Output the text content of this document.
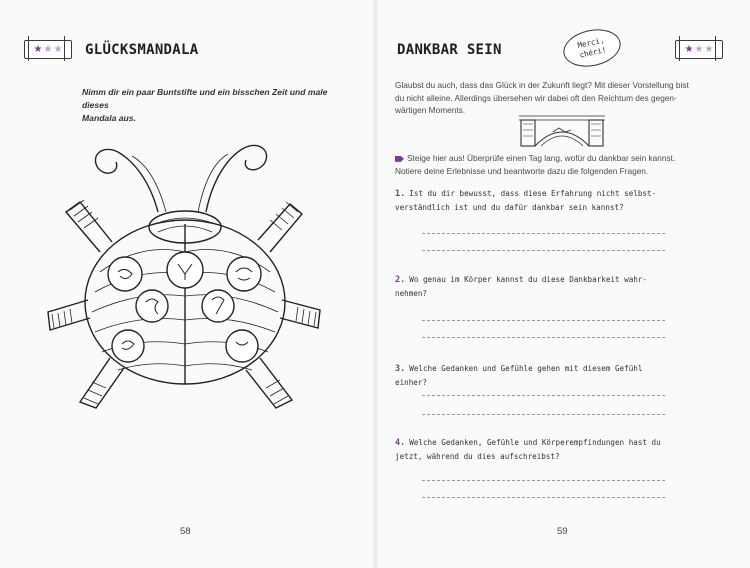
★ ★ ★ GLÜCKSMANDALA
Nimm dir ein paar Buntstifte und ein bisschen Zeit und male dieses
Mandala aus.
58
DANKBAR SEIN	Merci,
chéri!	★ ★ ★
Glaubst du auch, dass das Glück in der Zukunft liegt? Mit dieser Vorstellung bist
du nicht alleine. Allerdings übersehen wir dabei oft den Reichtum des gegen-
wärtigen Moments.
Steige hier aus! Überprüfe einen Tag lang, wofür du dankbar sein kannst.
Notiere deine Erlebnisse und beantworte dazu die folgenden Fragen.
1. Ist du dir bewusst, dass diese Erfahrung nicht selbst-
verständlich ist und du dafür dankbar sein kannst?
2. Wo genau im Körper kannst du diese Dankbarkeit wahr-
nehmen?
3. Welche Gedanken und Gefühle gehen mit diesem Gefühl einher?
4. Welche Gedanken, Gefühle und Körperempfindungen hast du
jetzt, während du dies aufschreibst?
59
